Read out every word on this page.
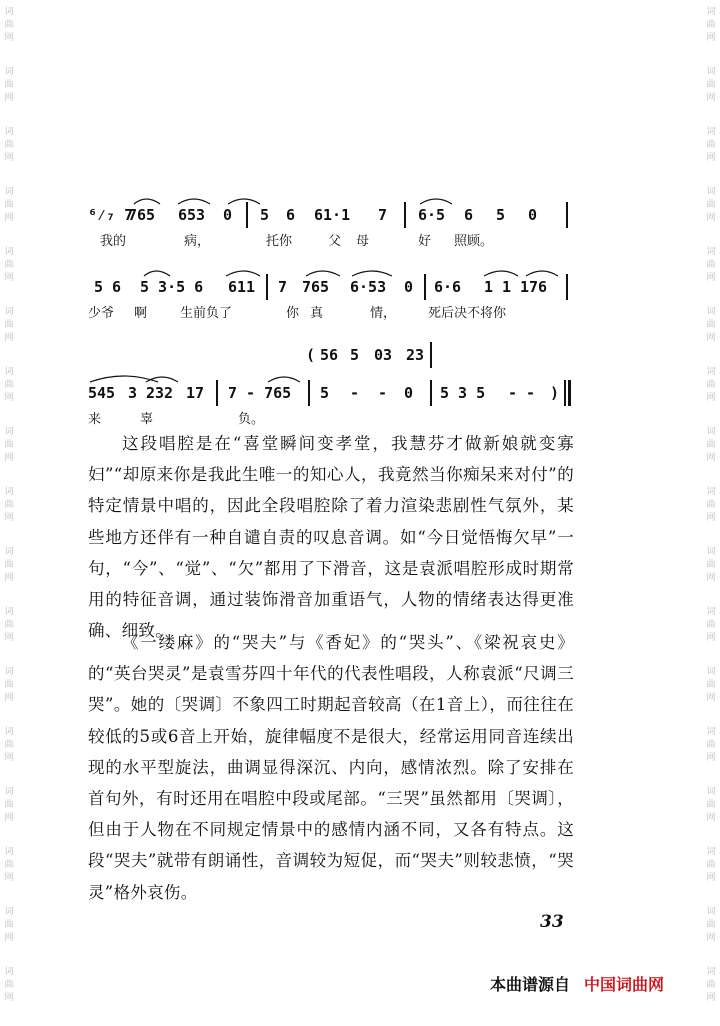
词
曲
网
词
曲
网
词
曲
网
词
曲
网
词
曲
网
词
曲
网
词
曲
网
词
曲
网
词
曲
网
词
曲
网
词
曲
网
词
曲
网
词
曲
网
词
曲
网
词
曲
网
词
曲
网
词
曲
网
词
曲
网
词
曲
网
词
曲
网
词
曲
网
词
曲
网
词
曲
网
词
曲
网
词
曲
网
词
曲
网
词
曲
网
词
曲
网
词
曲
网
词
曲
网
词
曲
网
词
曲
网
词
曲
网
词
曲
网
⁶⁄₇ 7
765 653 0 5 6 61·1 7 6·5 6 5 0
我的	病，	托你	父 母	好 照顾。
5 6 5 3·5 6 611 7 765 6·53 0 6·6 1 1 176
少爷 啊	生前负了	你 真	情， 死后决不将你
( 56 5 03 23
545 3 232 17 7 - 765 5 - - 0 5 3 5 - - )
来	辜	负。

这段唱腔是在“喜堂瞬间变孝堂，我慧芬才做新娘就变寡妇”“却原来你是我此生唯一的知心人，我竟然当你痴呆来对付”的特定情景中唱的，因此全段唱腔除了着力渲染悲剧性气氛外，某些地方还伴有一种自谴自责的叹息音调。如“今日觉悟悔欠早”一句，“今”、“觉”、“欠”都用了下滑音，这是袁派唱腔形成时期常用的特征音调，通过装饰滑音加重语气，人物的情绪表达得更准确、细致。

《一缕麻》的“哭夫”与《香妃》的“哭头”、《梁祝哀史》的“英台哭灵”是袁雪芬四十年代的代表性唱段，人称袁派“尺调三哭”。她的〔哭调〕不象四工时期起音较高（在1音上），而往往在较低的5或6音上开始，旋律幅度不是很大，经常运用同音连续出现的水平型旋法，曲调显得深沉、内向，感情浓烈。除了安排在首句外，有时还用在唱腔中段或尾部。“三哭”虽然都用〔哭调〕，但由于人物在不同规定情景中的感情内涵不同，又各有特点。这段“哭夫”就带有朗诵性，音调较为短促，而“哭夫”则较悲愤，“哭灵”格外哀伤。

33
本曲谱源自 中国词曲网
